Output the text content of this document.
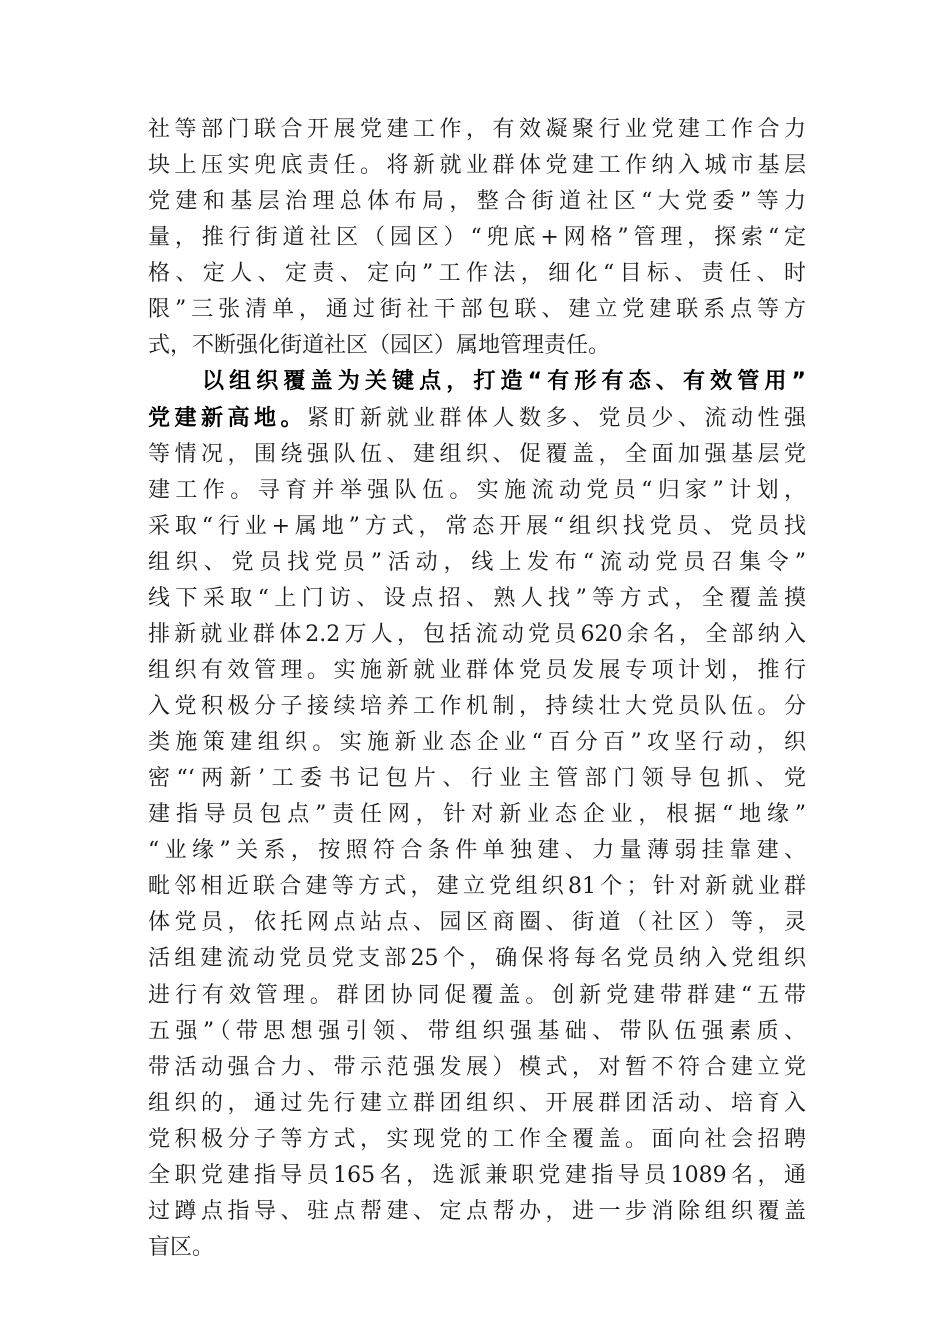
社等部门联合开展党建工作，有效凝聚行业党建工作合力
块上压实兜底责任。将新就业群体党建工作纳入城市基层
党建和基层治理总体布局，整合街道社区“大党委”等力
量，推行街道社区（园区）“兜底+网格”管理，探索“定
格、定人、定责、定向”工作法，细化“目标、责任、时
限”三张清单，通过街社干部包联、建立党建联系点等方
式，不断强化街道社区（园区）属地管理责任。
以组织覆盖为关键点，打造“有形有态、有效管用”
党建新高地。紧盯新就业群体人数多、党员少、流动性强
等情况，围绕强队伍、建组织、促覆盖，全面加强基层党
建工作。寻育并举强队伍。实施流动党员“归家”计划，
采取“行业+属地”方式，常态开展“组织找党员、党员找
组织、党员找党员”活动，线上发布“流动党员召集令”
线下采取“上门访、设点招、熟人找”等方式，全覆盖摸
排新就业群体2.2万人，包括流动党员620余名，全部纳入
组织有效管理。实施新就业群体党员发展专项计划，推行
入党积极分子接续培养工作机制，持续壮大党员队伍。分
类施策建组织。实施新业态企业“百分百”攻坚行动，织
密“‘两新’工委书记包片、行业主管部门领导包抓、党
建指导员包点”责任网，针对新业态企业，根据“地缘”
“业缘”关系，按照符合条件单独建、力量薄弱挂靠建、
毗邻相近联合建等方式，建立党组织81个；针对新就业群
体党员，依托网点站点、园区商圈、街道（社区）等，灵
活组建流动党员党支部25个，确保将每名党员纳入党组织
进行有效管理。群团协同促覆盖。创新党建带群建“五带
五强”（带思想强引领、带组织强基础、带队伍强素质、
带活动强合力、带示范强发展）模式，对暂不符合建立党
组织的，通过先行建立群团组织、开展群团活动、培育入
党积极分子等方式，实现党的工作全覆盖。面向社会招聘
全职党建指导员165名，选派兼职党建指导员1089名，通
过蹲点指导、驻点帮建、定点帮办，进一步消除组织覆盖
盲区。
